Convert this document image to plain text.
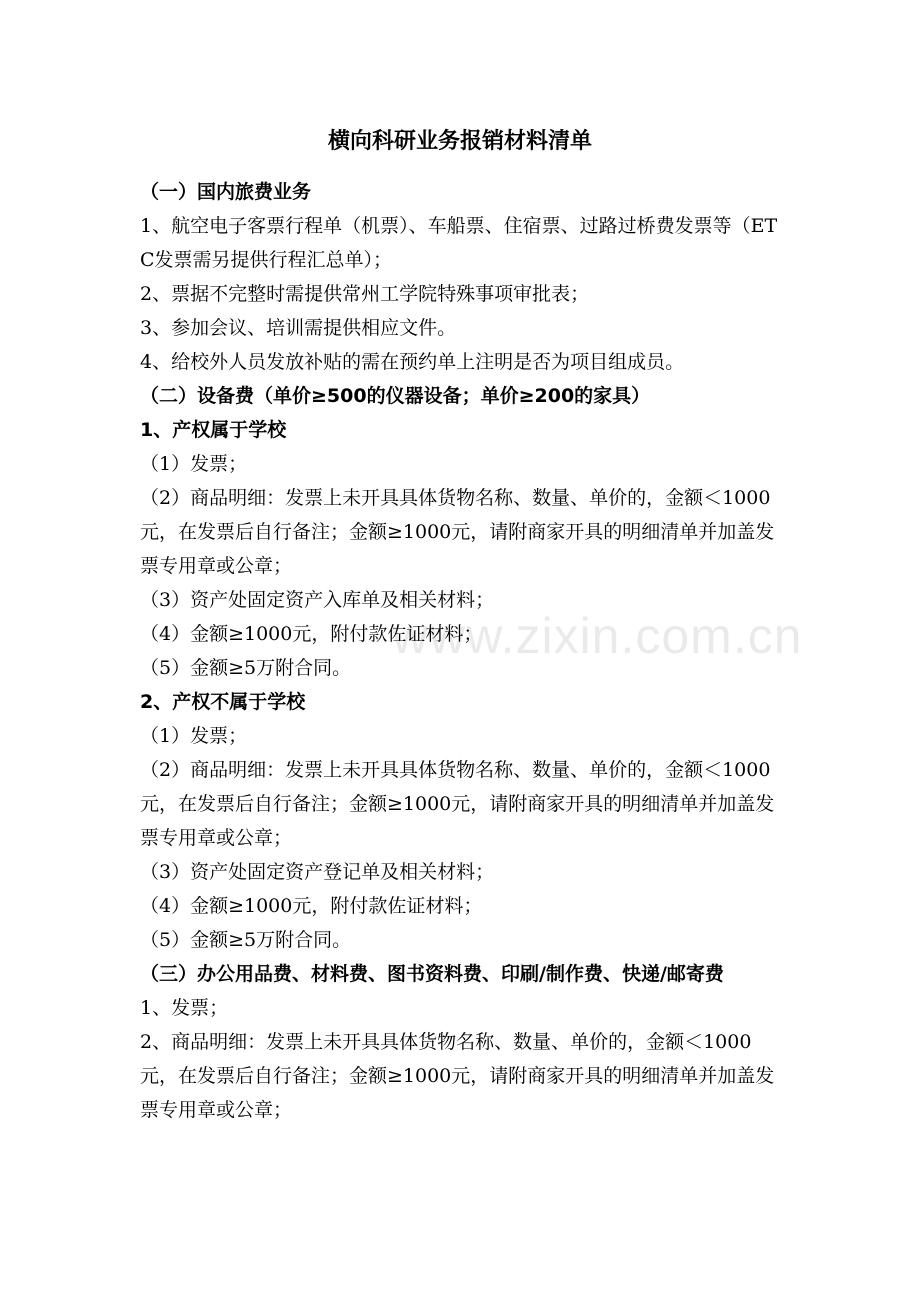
横向科研业务报销材料清单

（一）国内旅费业务

1、航空电子客票行程单（机票）、车船票、住宿票、过路过桥费发票等（ETC发票需另提供行程汇总单）；

2、票据不完整时需提供常州工学院特殊事项审批表；

3、参加会议、培训需提供相应文件。

4、给校外人员发放补贴的需在预约单上注明是否为项目组成员。

（二）设备费（单价≥500的仪器设备；单价≥200的家具）

1、产权属于学校

（1）发票；

（2）商品明细：发票上未开具具体货物名称、数量、单价的，金额＜1000元，在发票后自行备注；金额≥1000元，请附商家开具的明细清单并加盖发票专用章或公章；

（3）资产处固定资产入库单及相关材料；

（4）金额≥1000元，附付款佐证材料；

（5）金额≥5万附合同。

2、产权不属于学校

（1）发票；

（2）商品明细：发票上未开具具体货物名称、数量、单价的，金额＜1000元，在发票后自行备注；金额≥1000元，请附商家开具的明细清单并加盖发票专用章或公章；

（3）资产处固定资产登记单及相关材料；

（4）金额≥1000元，附付款佐证材料；

（5）金额≥5万附合同。

（三）办公用品费、材料费、图书资料费、印刷/制作费、快递/邮寄费

1、发票；

2、商品明细：发票上未开具具体货物名称、数量、单价的，金额＜1000元，在发票后自行备注；金额≥1000元，请附商家开具的明细清单并加盖发票专用章或公章；

www.zixin.com.cn
